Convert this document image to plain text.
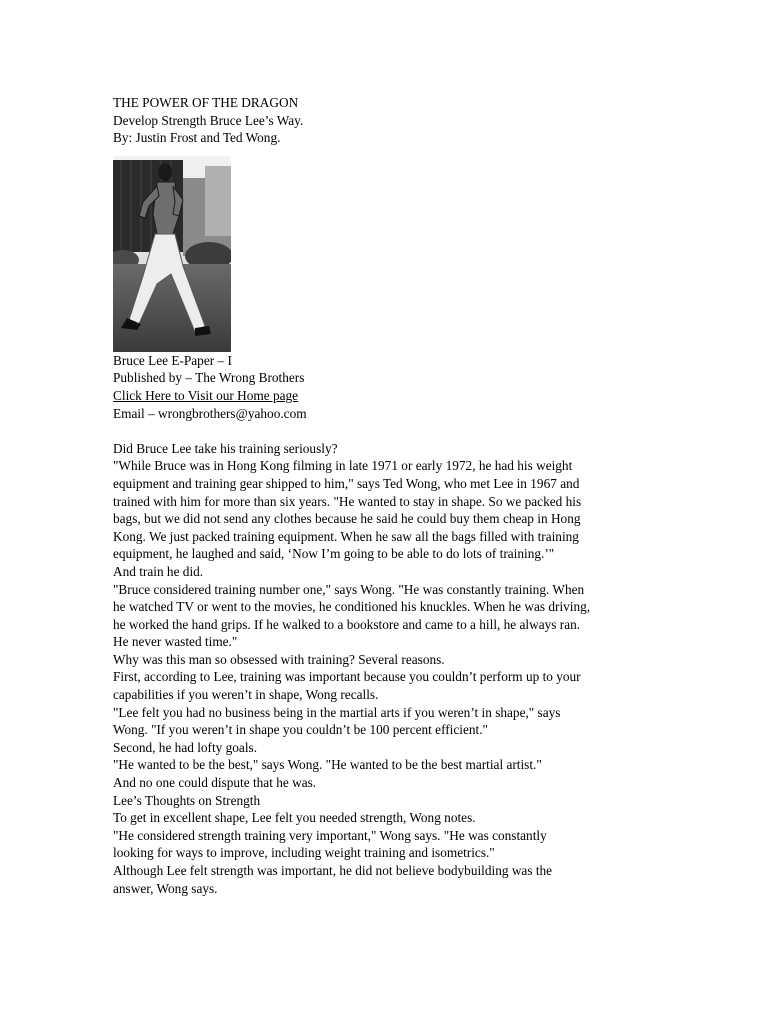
THE POWER OF THE DRAGON
Develop Strength Bruce Lee’s Way.
By: Justin Frost and Ted Wong.
Bruce Lee E-Paper – I
Published by – The Wrong Brothers
Click Here to Visit our Home page
Email – wrongbrothers@yahoo.com
Did Bruce Lee take his training seriously?
"While Bruce was in Hong Kong filming in late 1971 or early 1972, he had his weight
equipment and training gear shipped to him," says Ted Wong, who met Lee in 1967 and
trained with him for more than six years. "He wanted to stay in shape. So we packed his
bags, but we did not send any clothes because he said he could buy them cheap in Hong
Kong. We just packed training equipment. When he saw all the bags filled with training
equipment, he laughed and said, ‘Now I’m going to be able to do lots of training.’"
And train he did.
"Bruce considered training number one," says Wong. "He was constantly training. When
he watched TV or went to the movies, he conditioned his knuckles. When he was driving,
he worked the hand grips. If he walked to a bookstore and came to a hill, he always ran.
He never wasted time."
Why was this man so obsessed with training? Several reasons.
First, according to Lee, training was important because you couldn’t perform up to your
capabilities if you weren’t in shape, Wong recalls.
"Lee felt you had no business being in the martial arts if you weren’t in shape," says
Wong. "If you weren’t in shape you couldn’t be 100 percent efficient."
Second, he had lofty goals.
"He wanted to be the best," says Wong. "He wanted to be the best martial artist."
And no one could dispute that he was.
Lee’s Thoughts on Strength
To get in excellent shape, Lee felt you needed strength, Wong notes.
"He considered strength training very important," Wong says. "He was constantly
looking for ways to improve, including weight training and isometrics."
Although Lee felt strength was important, he did not believe bodybuilding was the
answer, Wong says.
